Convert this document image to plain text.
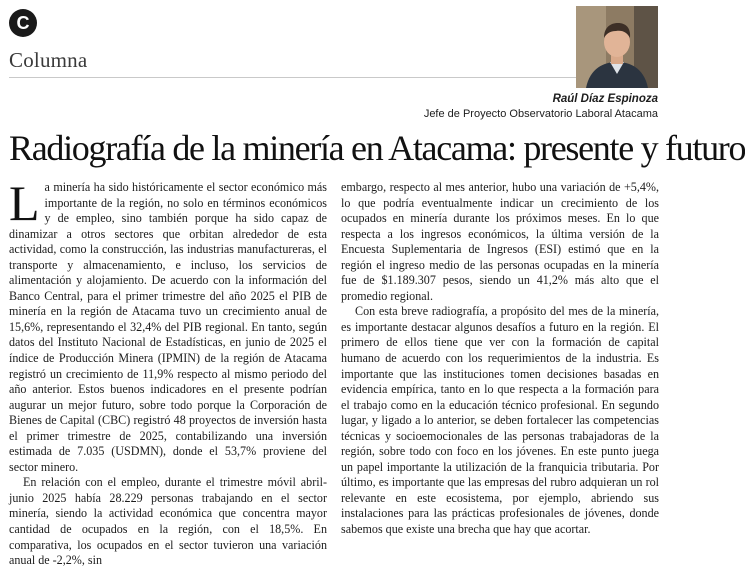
C
Columna
Raúl Díaz Espinoza
Jefe de Proyecto Observatorio Laboral Atacama
Radiografía de la minería en Atacama: presente y futuro

La minería ha sido históricamente el sector económico más importante de la región, no solo en términos económicos y de empleo, sino también porque ha sido capaz de dinamizar a otros sectores que orbitan alrededor de esta actividad, como la construcción, las industrias manufactureras, el transporte y almacenamiento, e incluso, los servicios de alimentación y alojamiento. De acuerdo con la información del Banco Central, para el primer trimestre del año 2025 el PIB de minería en la región de Atacama tuvo un crecimiento anual de 15,6%, representando el 32,4% del PIB regional. En tanto, según datos del Instituto Nacional de Estadísticas, en junio de 2025 el índice de Producción Minera (IPMIN) de la región de Atacama registró un crecimiento de 11,9% respecto al mismo periodo del año anterior. Estos buenos indicadores en el presente podrían augurar un mejor futuro, sobre todo porque la Corporación de Bienes de Capital (CBC) registró 48 proyectos de inversión hasta el primer trimestre de 2025, contabilizando una inversión estimada de 7.035 (USDMN), donde el 53,7% proviene del sector minero.

En relación con el empleo, durante el trimestre móvil abril-junio 2025 había 28.229 personas trabajando en el sector minería, siendo la actividad económica que concentra mayor cantidad de ocupados en la región, con el 18,5%. En comparativa, los ocupados en el sector tuvieron una variación anual de -2,2%, sin

embargo, respecto al mes anterior, hubo una variación de +5,4%, lo que podría eventualmente indicar un crecimiento de los ocupados en minería durante los próximos meses. En lo que respecta a los ingresos económicos, la última versión de la Encuesta Suplementaria de Ingresos (ESI) estimó que en la región el ingreso medio de las personas ocupadas en la minería fue de $1.189.307 pesos, siendo un 41,2% más alto que el promedio regional.

Con esta breve radiografía, a propósito del mes de la minería, es importante destacar algunos desafíos a futuro en la región. El primero de ellos tiene que ver con la formación de capital humano de acuerdo con los requerimientos de la industria. Es importante que las instituciones tomen decisiones basadas en evidencia empírica, tanto en lo que respecta a la formación para el trabajo como en la educación técnico profesional. En segundo lugar, y ligado a lo anterior, se deben fortalecer las competencias técnicas y socioemocionales de las personas trabajadoras de la región, sobre todo con foco en los jóvenes. En este punto juega un papel importante la utilización de la franquicia tributaria. Por último, es importante que las empresas del rubro adquieran un rol relevante en este ecosistema, por ejemplo, abriendo sus instalaciones para las prácticas profesionales de jóvenes, donde sabemos que existe una brecha que hay que acortar.
